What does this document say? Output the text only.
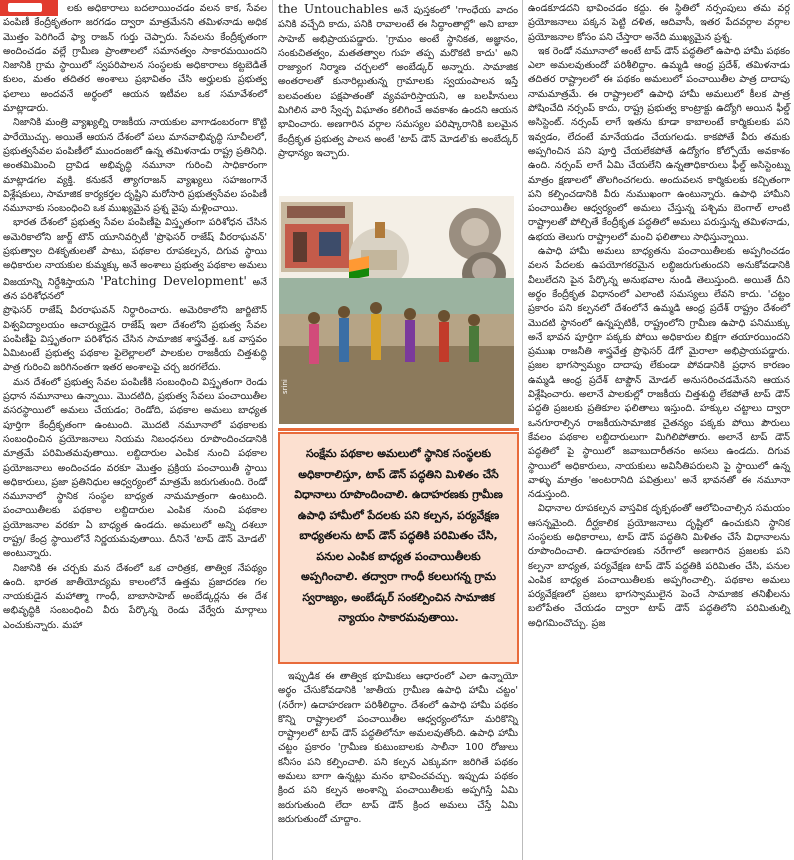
లకు అధికారాలు బదలాయించడం వలన కాక, సేవల పంపిణీ కేంద్రీకృతంగా జరగడం ద్వారా మాత్రమేనని తమిళనాడు అధిక మొత్తం పెరిగిందే ఫ్యా రాజన్ గుర్తు చెప్పారు. సేవలను కేంద్రీకృతంగా అందించడం వల్లే గ్రామీణ ప్రాంతాలలో సమానత్వం సాకారమయిందని నిజానికి గ్రామ స్థాయిలో స్వపరిపాలన సంస్థలకు అధికారాలు కట్టబెడితే కులం, మతం తదితర అంశాలు ప్రభావితం చేసి అర్హులకు ప్రభుత్వ ఫలాలు అందవనే అర్థంలో ఆయన ఇటీవల ఒక సమావేశంలో మాట్లాడారు.

నిజానికి మంత్రి వ్యాఖ్యల్ని రాజకీయ నాయకుల వాగాడంబరంగా కొట్టి పారేయొచ్చు. అయితే ఆయన దేశంలో పలు మానవాభివృద్ధి సూచీలలో, ప్రభుత్వసేవల పంపిణీలో ముందంజలో ఉన్న తమిళనాడు రాష్ట్ర ప్రతినిధి. అంతమిమించి ద్రావిడ అభివృద్ధి నమూనా గురించి సాధికారంగా మాట్లాడగల వ్యక్తి. కనుకనే త్యాగరాజన్ వ్యాఖ్యలు సహజంగానే విశ్లేషకులు, సామాజిక కార్యకర్తల దృష్టిని మరోసారి ప్రభుత్వసేవల పంపిణీ నమూనాకు సంబంధించి ఒక ముఖ్యమైన ప్రశ్న వైపు మళ్లించాయి.

భారత దేశంలో ప్రభుత్వ సేవల పంపిణీపై విస్తృతంగా పరిశోధన చేసిన అమెరికాలోని జార్జ్ టౌన్ యూనివర్సిటీ 'ప్రొఫెసర్ రాజేష్ వీరరాఘవన్' ప్రభుత్వాల దిశకృతులతో పాటు, పథకాల రూపకల్పన, దిగువ స్థాయి అధికారుల నాయకుల కుమ్మక్కు అనే అంశాలు ప్రభుత్వ పథకాల అమలు విజయాన్ని నిర్దేశిస్తాయని 'Patching Development' అనే తన పరిశోధనలో

ప్రొఫెసర్ రాజేష్ వీరరాఘవన్ నిర్ధారించారు. అమెరికాలోని జార్జిటౌన్ విశ్వవిద్యాలయం ఆచార్యుడైన రాజేష్ ఇలా దేశంలోని ప్రభుత్వ సేవల పంపిణీపై విస్తృతంగా పరిశోధన చేసిన సామాజిక శాస్త్రవేత్త. ఒక వాస్తవం ఏమిటంటే ప్రభుత్వ పథకాల ఫైలెల్లాలలో పాలకుల రాజకీయ చిత్తశుద్ధి పాత్ర గురించి జరిగినంతగా ఇతర అంశాలపై చర్చ జరగలేదు.

మన దేశంలో ప్రభుత్వ సేవల పంపిణీకి సంబంధించి విస్తృతంగా రెండు ప్రధాన నమూనాలు ఉన్నాయి. మొదటిది, ప్రభుత్వ సేవలు పంచాయితీల వసరస్థాయిలో అమలు చేయడం; రెండోది, పథకాల అమలు బాధ్యత పూర్తిగా కేంద్రీకృతంగా ఉంటుంది. మొదటి నమూనాలో పథకాలకు సంబంధించిన ప్రయోజనాలు నియమ నిబంధనలు రూపొందించడానికి మాత్రమే పరిమితమవుతాయి. లబ్దిదారుల ఎంపిక నుంచి పథకాల ప్రయోజనాలు అందించడం వరకూ మొత్తం ప్రక్రియ పంచాయితీ స్థాయి అధికారులు, ప్రజా ప్రతినిధుల ఆధ్వర్యంలో మాత్రమే జరుగుతుంది. రెండో నమూనాలో స్థానిక సంస్థల బాధ్యత నామమాత్రంగా ఉంటుంది. పంచాయితీలకు పథకాల లబ్దిదారుల ఎంపిక నుంచి పథకాల ప్రయోజనాల వరకూ ఏ బాధ్యత ఉండదు. అమలులో అన్ని దశలూ రాష్ట్ర/ కేంద్ర స్థాయిలోనే నిర్ణయమవుతాయి. దీనినే 'టాప్ డౌన్ మోడల్' అంటున్నారు.

నిజానికి ఈ చర్చకు మన దేశంలో ఒక చారిత్రక, తాత్విక నేపథ్యం ఉంది. భారత జాతీయోద్యమ కాలంలోనే ఉత్తమ ప్రజాదరణ గల నాయకుడైన మహాత్మా గాంధీ, బాబాసాహెబ్ అంబేడ్కర్లను ఈ దేశ అభివృద్ధికి సంబంధించి వీరు పేర్కొన్న రెండు వేర్వేరు మార్గాలు ఎంచుకున్నారు. మహా

the Untouchables అనే పుస్తకంలో 'గాంధేయ వాదం పనికి వచ్చేది కాదు, పనికి రావాలంటే ఈ సిద్ధాంతాల్లో' అని బాబా సాహెబ్ అభిప్రాయపడ్డారు. 'గ్రామం అంటే స్థానికత, అజ్ఞానం, సంకుచితత్వం, మతతత్వాల గుహ తప్ప మరొకటి కాదు' అని రాజ్యాంగ నిర్మాణ చర్చలలో అంబేడ్కర్ అన్నారు. సామాజిక అంతరాలతో కునారిల్లుతున్న గ్రామాలకు స్వయంపాలన ఇస్తే బలవంతుల పక్షపాతంతో వ్యవహరిస్తాయని, ఆ బలహీనులు మిగిలిన వారి స్వేచ్ఛ విఘాతం కలిగించే అవకాశం ఉందని ఆయన భావించారు. అణగారిన వర్గాల సమస్యల పరిష్కారానికి బలమైన కేంద్రీకృత ప్రభుత్వ పాలన అంటే 'టాప్ డౌన్ మోడల్'కు అంబేద్కర్ ప్రాధాన్యం ఇచ్చారు.

srini
సంక్షేమ పథకాల అమలులో స్థానిక సంస్థలకు అధికారాలిస్తూ, టాప్ డౌన్ పద్ధతిని మిళితం చేసే విధానాలు రూపొందించాలి. ఉదాహరణకు గ్రామీణ ఉపాధి హామీలో పేదలకు పని కల్పన, పర్యవేక్షణ బాధ్యతలను టాప్ డౌన్ పద్ధతికి పరిమితం చేసి, పనుల ఎంపిక బాధ్యత పంచాయితీలకు అప్పగించాలి. తద్వారా గాంధీ కలలుగన్న గ్రామ స్వరాజ్యం, అంబేడ్కర్ సంకల్పించిన సామాజిక న్యాయం సాకారమవుతాయి.

ఇప్పుడిక ఈ తాత్విక భూమికలు ఆధారంలో ఎలా ఉన్నాయో అర్థం చేసుకోవడానికి 'జాతీయ గ్రామీణ ఉపాధి హామీ చట్టం' (నరేగా) ఉదాహరణగా పరిశీలిద్దాం. దేశంలో ఉపాధి హామీ పథకం కొన్ని రాష్ట్రాలలో పంచాయితీల ఆధ్వర్యంలోనూ మరికొన్ని రాష్ట్రాలలో టాప్ డౌన్ పద్ధతిలోనూ అమలవుతోంది. ఉపాధి హామీ చట్టం ప్రకారం 'గ్రామీణ కుటుంబాలకు సాలీనా 100 రోజులు కనీసం పని కల్పించాలి. పని కల్పన ఎక్కువగా జరిగితే పథకం అమలు బాగా ఉన్నట్లు మనం భావించవచ్చు. ఇప్పుడు పథకం క్రింద పని కల్పన అంశాన్ని పంచాయితీలకు అప్పగిస్తే ఏమి జరుగుతుంది లేదా టాప్ డౌన్ క్రింద అమలు చేస్తే ఏమి జరుగుతుందో చూద్దాం.

ఉండకూడదని భావించడం కద్దు. ఈ స్థితిలో నర్సంపులు తమ వర్గ ప్రయోజనాలు పక్కన పెట్టి దళిత, ఆదివాసీ, ఇతర పేదవర్గాల వర్గాల ప్రయోజనాల కోసం పని చేస్తారా అనేది ముఖ్యమైన ప్రశ్న.

ఇక రెండో నమూనాలో అంటే టాప్ డౌన్ పద్ధతిలో ఉపాధి హామీ పథకం ఎలా అమలవుతుందో పరిశీలిద్దాం. ఉమ్మడి ఆంధ్ర ప్రదేశ్, తమిళనాడు తదితర రాష్ట్రాలలో ఈ పథకం అమలులో పంచాయితీల పాత్ర దాదాపు నామమాత్రమే. ఈ రాష్ట్రాలలో ఉపాధి హామీ అమలులో కీలక పాత్ర పోషించేది నర్సంప్ కాదు, రాష్ట్ర ప్రభుత్వ కాంట్రాక్టు ఉద్యోగి అయిన ఫీల్డ్ అసిస్టెంట్. నర్సంప్ లాగే ఇతను కూడా కాబాలంటే కార్మికులకు పని ఇవ్వడం, లేదంటే మానేయడం చేయగలడు. కాకపోతే వీరు తమకు అప్పగించిన పని పూర్తి చేయలేకపోతే ఉద్యోగం కోల్పోయే అవకాశం ఉంది. నర్సంప్ లాగే ఏమి చేయలేని ఉన్నతాధికారులు ఫీల్డ్ అసిస్టెంట్ను మాత్రం క్షణాలలో తొలగించగలరు. అందువలన కార్మికులకు కచ్చితంగా పని కల్పించడానికి వీరు నుముఖంగా ఉంటున్నారు. ఉపాధి హామీని పంచాయితీల ఆధ్వర్యంలో అమలు చేస్తున్న పశ్చిమ బెంగాల్ లాంటి రాష్ట్రాలతో పోల్చితే కేంద్రీకృత పద్ధతిలో అమలు పరుస్తున్న తమిళనాడు, ఉభయ తెలుగు రాష్ట్రాలలో మంచి ఫలితాలు సాధిస్తున్నాయి.

ఉపాధి హామీ అమలు బాధ్యతను పంచాయితీలకు అప్పగించడం వలన పేదలకు ఉపయోగకరమైన లబ్ధిజరుగుతుందని అనుకోవడానికి వీలులేదని పైన పేర్కొన్న అనుభవాల నుండి తెలుస్తుంది. అయితే దీని అర్థం కేంద్రీకృత విధానంలో ఎలాంటి సమస్యలు లేవని కాదు. 'చట్టం ప్రకారం పని కల్పనలో దేశంలోనే ఉమ్మడి ఆంధ్ర ప్రదేశ్ రాష్ట్రం దేశంలో మొదటి స్థానంలో ఉన్నప్పటికీ, రాష్ట్రంలోని గ్రామీణ ఉపాధి పనిముక్కు అనే భావన పూర్తిగా పక్కకు పోయి అధికారుల బిక్షగా తయారయిందని ప్రముఖ రాజనీతి శాస్త్రవేత్త ప్రొఫెసర్ డేగో మైరాలా అభిప్రాయపడ్డారు. ప్రజల భాగస్వామ్యం దాదాపు లేకుండా పోవడానికి ప్రధాన కారణం ఉమ్మడి ఆంధ్ర ప్రదేశ్ టాప్డౌన్ మోడల్ అనుసరించడమేనని ఆయన విశ్లేషించారు. అలానే పాలకుల్లో రాజకీయ చిత్తశుద్ధి లేకపోతే టాప్ డౌన్ పద్ధతి ప్రజలకు ప్రతికూల ఫలితాలు ఇస్తుంది. హక్కుల చట్టాలు ద్వారా ఒనగూరాల్సిన రాజకీయసామాజిక చైతన్యం పక్కకు పోయి పౌరులు కేవలం పథకాల లబ్దిదారులుగా మిగిలిపోతారు. అలానే టాప్ డౌన్ పద్ధతిలో పై స్థాయిలో జవాబుదారీతనం అసలు ఉండదు. దిగువ స్థాయిలో అధికారులు, నాయకులు అవినీతిపరులని పై స్థాయిలో ఉన్న వాళ్ళు మాత్రం 'అంటరానిది పవిత్రులు' అనే భావనతో ఈ నమూనా నడుస్తుంది.

విధానాల రూపకల్పన వాస్తవిక దృక్పథంతో ఆలోచించాల్సిన సమయం ఆసన్నమైంది. దీర్ఘకాలిక ప్రయోజనాలు దృష్టిలో ఉంచుకుని స్థానిక సంస్థలకు అధికారాలు, టాప్ డౌన్ పద్ధతిని మిళితం చేసే విధానాలను రూపొందించాలి. ఉదాహరణకు నరేగాలో అణగారిన ప్రజలకు పని కల్పనా బాధ్యత, పర్యవేక్షణ టాప్ డౌన్ పద్ధతికి పరిమితం చేసి, పనుల ఎంపిక బాధ్యత పంచాయితీలకు అప్పగించాల్సి. పథకాల అమలు పర్యవేక్షణలో ప్రజలు భాగస్వాములైన పెంచే సామాజిక తనిఖీలను బలోపేతం చేయడం ద్వారా టాప్ డౌన్ పద్ధతిలోని పరిమితుల్ని అధిగమించొచ్చు. ప్రజ
